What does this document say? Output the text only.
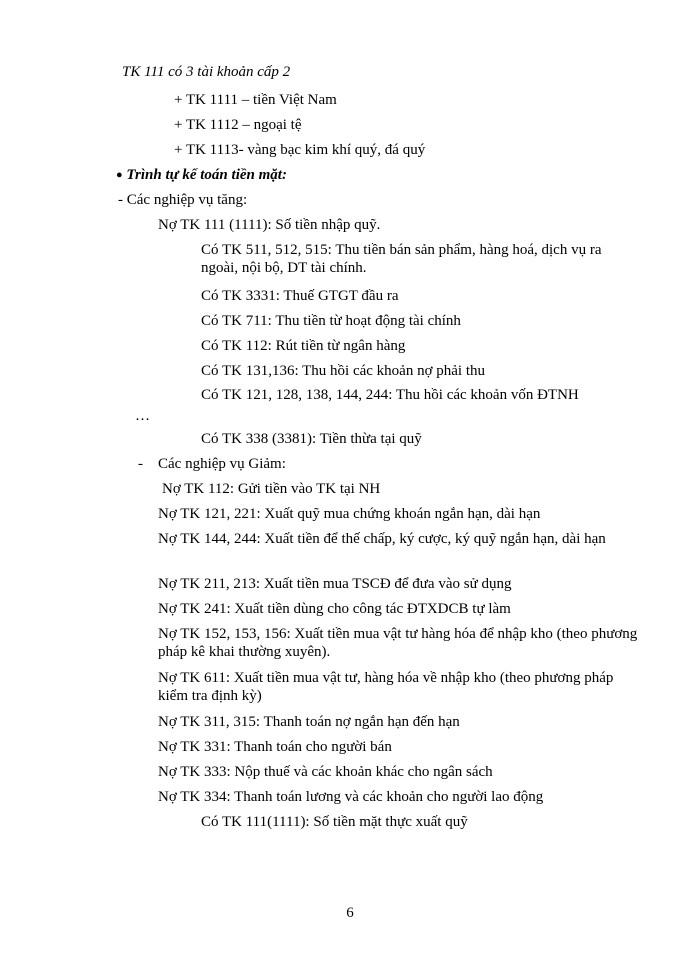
TK 111 có 3 tài khoản cấp 2
+ TK 1111 – tiền Việt Nam
+ TK 1112 – ngoại tệ
+ TK 1113- vàng bạc kim khí quý, đá quý
● Trình tự kế toán tiền mặt:
- Các nghiệp vụ tăng:
Nợ TK 111 (1111): Số tiền nhập quỹ.
Có TK 511, 512, 515: Thu tiền bán sản phẩm, hàng hoá, dịch vụ ra ngoài, nội bộ, DT tài chính.
Có TK 3331: Thuế GTGT đầu ra
Có TK 711: Thu tiền từ hoạt động tài chính
Có TK 112: Rút tiền từ ngân hàng
Có TK 131,136: Thu hồi các khoản nợ phải thu
Có TK 121, 128, 138, 144, 244: Thu hồi các khoản vốn ĐTNH
…
Có TK 338 (3381): Tiền thừa tại quỹ
- Các nghiệp vụ Giảm:
Nợ TK 112: Gửi tiền vào TK tại NH
Nợ TK 121, 221: Xuất quỹ mua chứng khoán ngắn hạn, dài hạn
Nợ TK 144, 244: Xuất tiền để thế chấp, ký cược, ký quỹ ngắn hạn, dài hạn
Nợ TK 211, 213: Xuất tiền mua TSCĐ để đưa vào sử dụng
Nợ TK 241: Xuất tiền dùng cho công tác ĐTXDCB tự làm
Nợ TK 152, 153, 156: Xuất tiền mua vật tư hàng hóa để nhập kho (theo phương pháp kê khai thường xuyên).
Nợ TK 611: Xuất tiền mua vật tư, hàng hóa về nhập kho (theo phương pháp kiểm tra định kỳ)
Nợ TK 311, 315: Thanh toán nợ ngắn hạn đến hạn
Nợ TK 331: Thanh toán cho người bán
Nợ TK 333: Nộp thuế và các khoản khác cho ngân sách
Nợ TK 334: Thanh toán lương và các khoản cho người lao động
Có TK 111(1111): Số tiền mặt thực xuất quỹ
6
